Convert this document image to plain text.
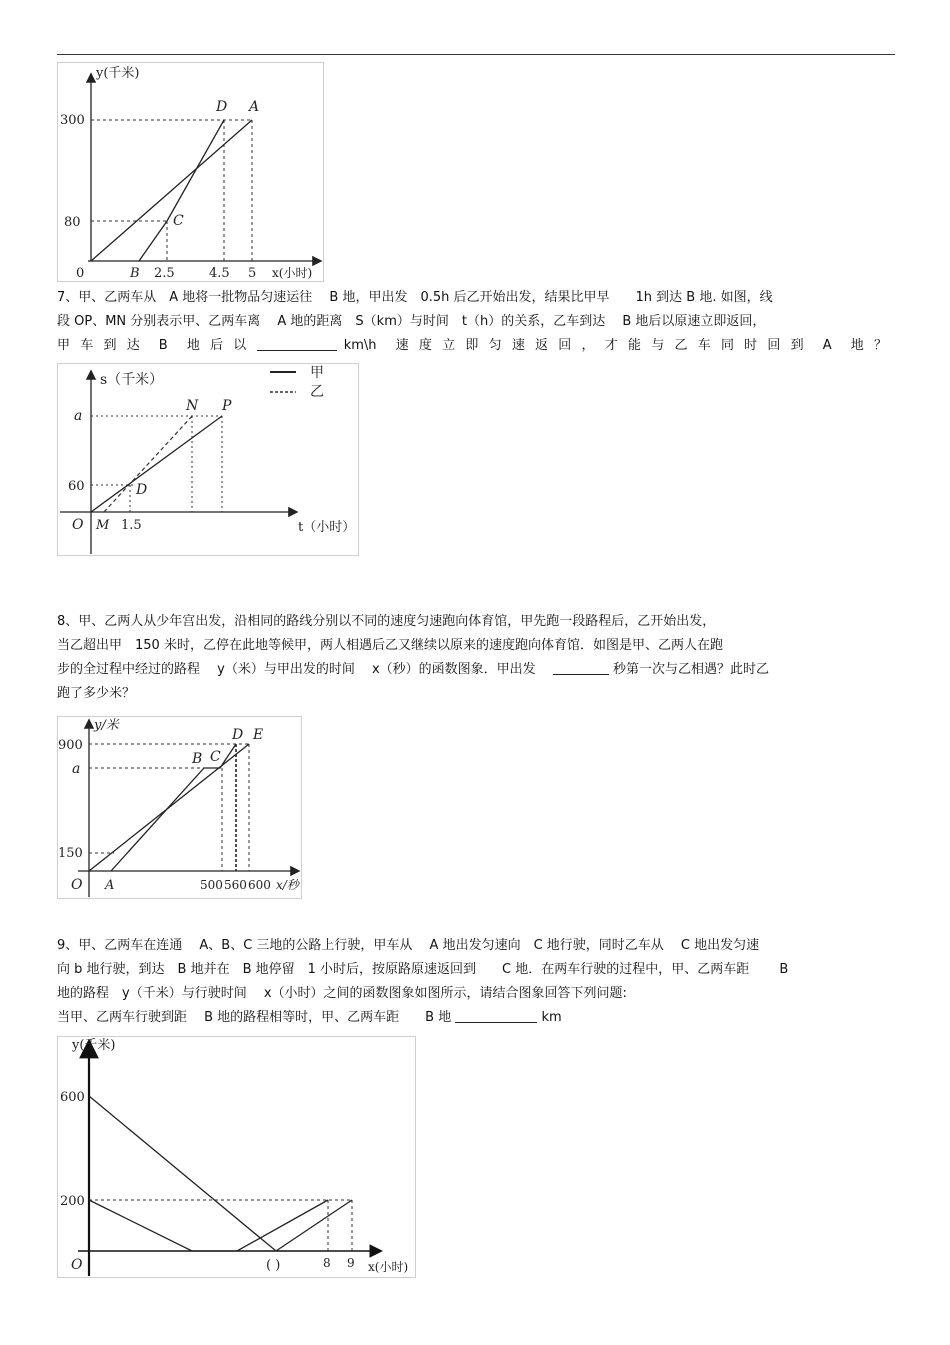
y(千米)
x(小时)
300
80
0	B 2.5	4.5 5
D A
C
7、甲、乙两车从　A 地将一批物品匀速运往　 B 地，甲出发　0.5h 后乙开始出发，结果比甲早　　1h 到达 B 地. 如图，线
段 OP、MN 分别表示甲、乙两车离　 A 地的距离　S（km）与时间　t（h）的关系，乙车到达　 B 地后以原速立即返回，
甲 车 到 达　B　地 后 以	km\h　速 度 立 即 匀 速 返 回 ， 才 能 与 乙 车 同 时 回 到　A　地 ？
甲
乙
s（千米）
t（小时）
a
60
O M 1.5
N P
D
8、甲、乙两人从少年宫出发，沿相同的路线分别以不同的速度匀速跑向体育馆，甲先跑一段路程后，乙开始出发，
当乙超出甲　150 米时，乙停在此地等候甲，两人相遇后乙又继续以原来的速度跑向体育馆．如图是甲、乙两人在跑
步的全过程中经过的路程　 y（米）与甲出发的时间　 x（秒）的函数图象．甲出发　	秒第一次与乙相遇？此时乙
跑了多少米？
y/米
x/秒
900
a
150
O A	500 560 600
B C
D E
9、甲、乙两车在连通　 A、B、C 三地的公路上行驶，甲车从　 A 地出发匀速向　C 地行驶，同时乙车从　 C 地出发匀速
向 b 地行驶，到达　B 地并在　B 地停留　1 小时后，按原路原速返回到　　C 地．在两车行驶的过程中，甲、乙两车距　　 B
地的路程　y（千米）与行驶时间　 x（小时）之间的函数图象如图所示，请结合图象回答下列问题:
当甲、乙两车行驶到距　 B 地的路程相等时，甲、乙两车距　　B 地	km
y(千米)
x(小时)
600
200
O	( )	8 9
